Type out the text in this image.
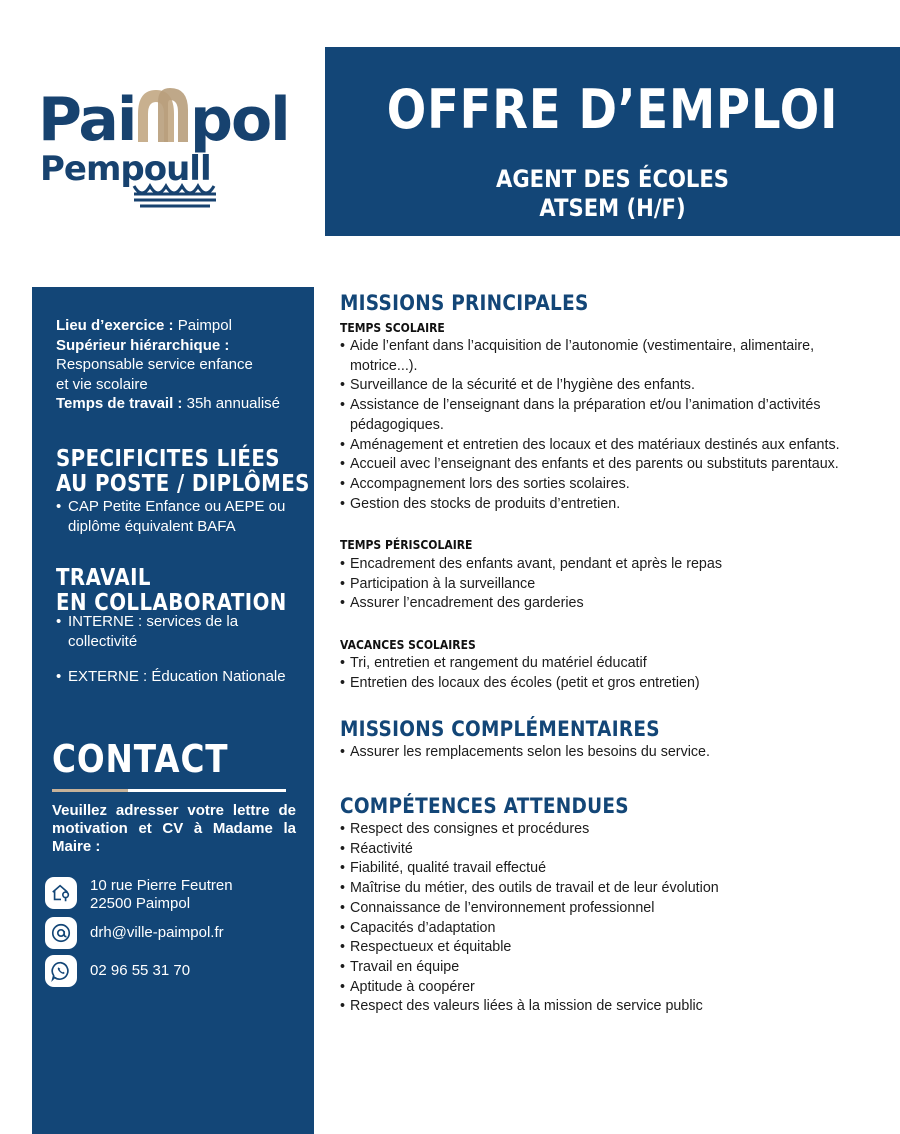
Pai pol
Pempoull
OFFRE D’EMPLOI
AGENT DES ÉCOLES
ATSEM (H/F)
Lieu d’exercice : Paimpol
Supérieur hiérarchique :
Responsable service enfance
et vie scolaire
Temps de travail : 35h annualisé
SPECIFICITES LIÉES
AU POSTE / DIPLÔMES
• CAP Petite Enfance ou AEPE ou diplôme équivalent BAFA
TRAVAIL
EN COLLABORATION
• INTERNE : services de la collectivité
• EXTERNE : Éducation Nationale
CONTACT
Veuillez adresser votre lettre de motivation et CV à Madame la Maire :
10 rue Pierre Feutren
22500 Paimpol
drh@ville-paimpol.fr
02 96 55 31 70
MISSIONS PRINCIPALES
TEMPS SCOLAIRE
• Aide l’enfant dans l’acquisition de l’autonomie (vestimentaire, alimentaire, motrice...).
• Surveillance de la sécurité et de l’hygiène des enfants.
• Assistance de l’enseignant dans la préparation et/ou l’animation d’activités pédagogiques.
• Aménagement et entretien des locaux et des matériaux destinés aux enfants.
• Accueil avec l’enseignant des enfants et des parents ou substituts parentaux.
• Accompagnement lors des sorties scolaires.
• Gestion des stocks de produits d’entretien.
TEMPS PÉRISCOLAIRE
• Encadrement des enfants avant, pendant et après le repas
• Participation à la surveillance
• Assurer l’encadrement des garderies
VACANCES SCOLAIRES
• Tri, entretien et rangement du matériel éducatif
• Entretien des locaux des écoles (petit et gros entretien)
MISSIONS COMPLÉMENTAIRES
• Assurer les remplacements selon les besoins du service.
COMPÉTENCES ATTENDUES
• Respect des consignes et procédures
• Réactivité
• Fiabilité, qualité travail effectué
• Maîtrise du métier, des outils de travail et de leur évolution
• Connaissance de l’environnement professionnel
• Capacités d’adaptation
• Respectueux et équitable
• Travail en équipe
• Aptitude à coopérer
• Respect des valeurs liées à la mission de service public
